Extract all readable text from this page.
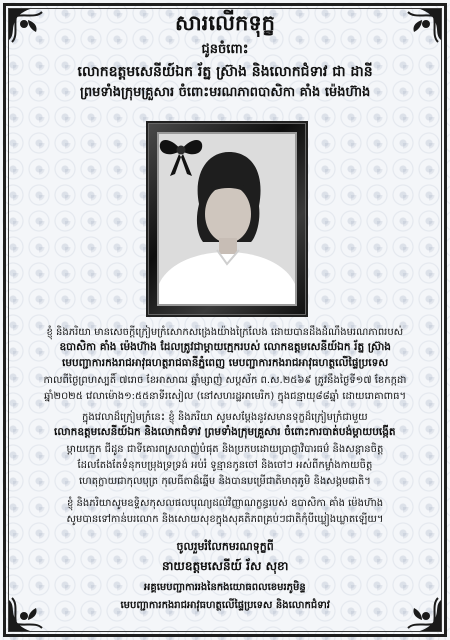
សារលើកទុក្ខ
ជូនចំពោះ
លោកឧត្តមសេនីយ៍ឯក រ័ត្ន ស្រ៊ាង និងលោកជំទាវ ជា ដានី
ព្រមទាំងក្រុមគ្រួសារ ចំពោះមរណភាពបាសិកា គាំង ម៉េងហ៊ាង
ខ្ញុំ និងភរិយា មានសេចក្ដីក្រៀមក្រំសោកសង្រេងយ៉ាងក្រៃលែង ដោយបានដឹងដំណឹងមរណភាពរបស់
ឧបាសិកា គាំង ម៉េងហ៊ាង ដែលត្រូវជាម្ដាយក្មេករបស់ លោកឧត្តមសេនីយ៍ឯក រ័ត្ន ស្រ៊ាង
មេបញ្ជាការកងរាជអាវុធហត្ថរាជធានីភ្នំពេញ មេបញ្ជាការកងរាជអាវុធហត្ថលើផ្ទៃប្រទេស
កាលពីថ្ងៃព្រហស្បតិ៍ ៧រោច ខែអាសាឍ ឆ្នាំម្សាញ់ សប្តស័ក ព.ស.២៥៦៩ ត្រូវនឹងថ្ងៃទី១៧ ខែកក្កដា
ឆ្នាំ២០២៥ វេលាម៉ោង១:៥៥នាទីរសៀល (នៅសហរដ្ឋអាមេរិក) ក្នុងជន្មាយុ៨៨ឆ្នាំ ដោយរោគាពាធ។
ក្នុងវេលាដ៏ក្រៀមក្រំនេះ ខ្ញុំ និងភរិយា សូមសម្ដែងនូវសមានទុក្ខដ៏ក្រៀមក្រំជាមួយ
លោកឧត្តមសេនីយ៍ឯក និងលោកជំទាវ ព្រមទាំងក្រុមគ្រួសារ ចំពោះការបាត់បង់ម្ដាយបង្កើត
ម្ដាយក្មេក ជីដូន ជាទីគោរពស្រលាញ់បំផុត និងប្រកបដោយប្រាជ្ញាវិបារធម៌ និងសន្ដានចិត្ត
ដែលតែងតែទំនុកបម្រុងទ្រទ្រង់ អប់រំ ទូន្មានកូនចៅ និងចៅៗ អស់ពីកម្លាំងកាយចិត្ត
ហេតុក្លាយជាកុលបុត្រ កុលធីតាដ៏ឆ្នើម និងបានបម្រើជាតិមាតុភូមិ និងសង្គមជាតិ។
ខ្ញុំ និងភរិយាសូមឧទ្ទិសកុសលផលបុណ្យដល់វិញ្ញាណក្ខន្ធរបស់ ឧបាសិកា គាំង ម៉េងហ៊ាង
សូមបានទៅកាន់បរលោក និងសោយសុខក្នុងសុគតិភពគ្រប់ៗជាតិកុំបីឃ្លៀងឃ្លាតឡើយ។
ចូលរួមរំលែកមរណទុក្ខពី
នាយឧត្តមសេនីយ៍ រ័ស សុខា
អគ្គមេបញ្ជាការរងនៃកងយោធពលខេមរភូមិន្ទ
មេបញ្ជាការកងរាជអាវុធហត្ថលើផ្ទៃប្រទេស និងលោកជំទាវ
